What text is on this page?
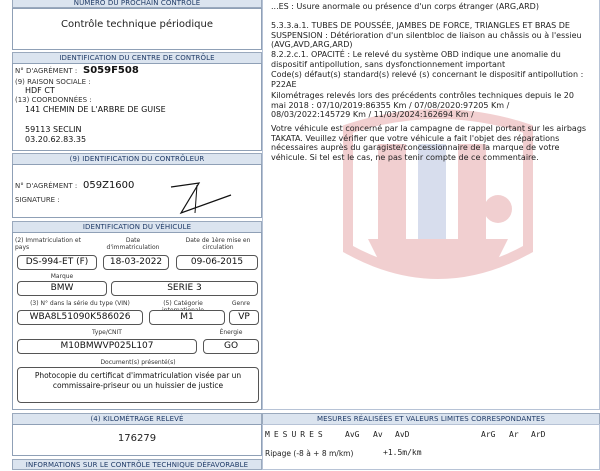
NUMÉRO DU PROCHAIN CONTRÔLE
Contrôle technique périodique
IDENTIFICATION DU CENTRE DE CONTRÔLE
N° D'AGRÉMENT : S059F508
(9) RAISON SOCIALE :
HDF CT
(13) COORDONNÉES :
141 CHEMIN DE L'ARBRE DE GUISE
59113 SECLIN
03.20.62.83.35
(9) IDENTIFICATION DU CONTRÔLEUR
N° D'AGRÉMENT : 059Z1600
SIGNATURE :
IDENTIFICATION DU VÉHICULE
(2) Immatriculation et pays
Date d'immatriculation
Date de 1ère mise en circulation
DS-994-ET (F)	18-03-2022	09-06-2015
Marque
BMW	SERIE 3
(3) N° dans la série du type (VIN)	(5) Catégorie	Genre
WBA8L51090K586026	M1	VP
Type/CNIT	Énergie
M10BMWVP025L107	GO
Document(s) présenté(s)
Photocopie du certificat d'immatriculation visée par un commissaire-priseur ou un huissier de justice
(4) KILOMÉTRAGE RELEVÉ
176279
INFORMATIONS SUR LE CONTRÔLE TECHNIQUE DÉFAVORABLE
...ES : Usure anormale ou présence d'un corps étranger (ARG,ARD)
5.3.3.a.1. TUBES DE POUSSÉE, JAMBES DE FORCE, TRIANGLES ET BRAS DE SUSPENSION : Détérioration d'un silentbloc de liaison au châssis ou à l'essieu (AVG,AVD,ARG,ARD)
8.2.2.c.1. OPACITÉ : Le relevé du système OBD indique une anomalie du dispositif antipollution, sans dysfonctionnement important
Code(s) défaut(s) standard(s) relevé (s) concernant le dispositif antipollution : P22AE
Kilométrages relevés lors des précédents contrôles techniques depuis le 20 mai 2018 : 07/10/2019:86355 Km / 07/08/2020:97205 Km / 08/03/2022:145729 Km / 11/03/2024:162694 Km /
Votre véhicule est concerné par la campagne de rappel portant sur les airbags TAKATA. Veuillez vérifier que votre véhicule a fait l'objet des réparations nécessaires auprès du garagiste/concessionnaire de la marque de votre véhicule. Si tel est le cas, ne pas tenir compte de ce commentaire.
MESURES RÉALISÉES ET VALEURS LIMITES CORRESPONDANTES
MESURES AvG Av AvD	ArG Ar ArD
Ripage (-8 à + 8 m/km)	+1.5m/km
